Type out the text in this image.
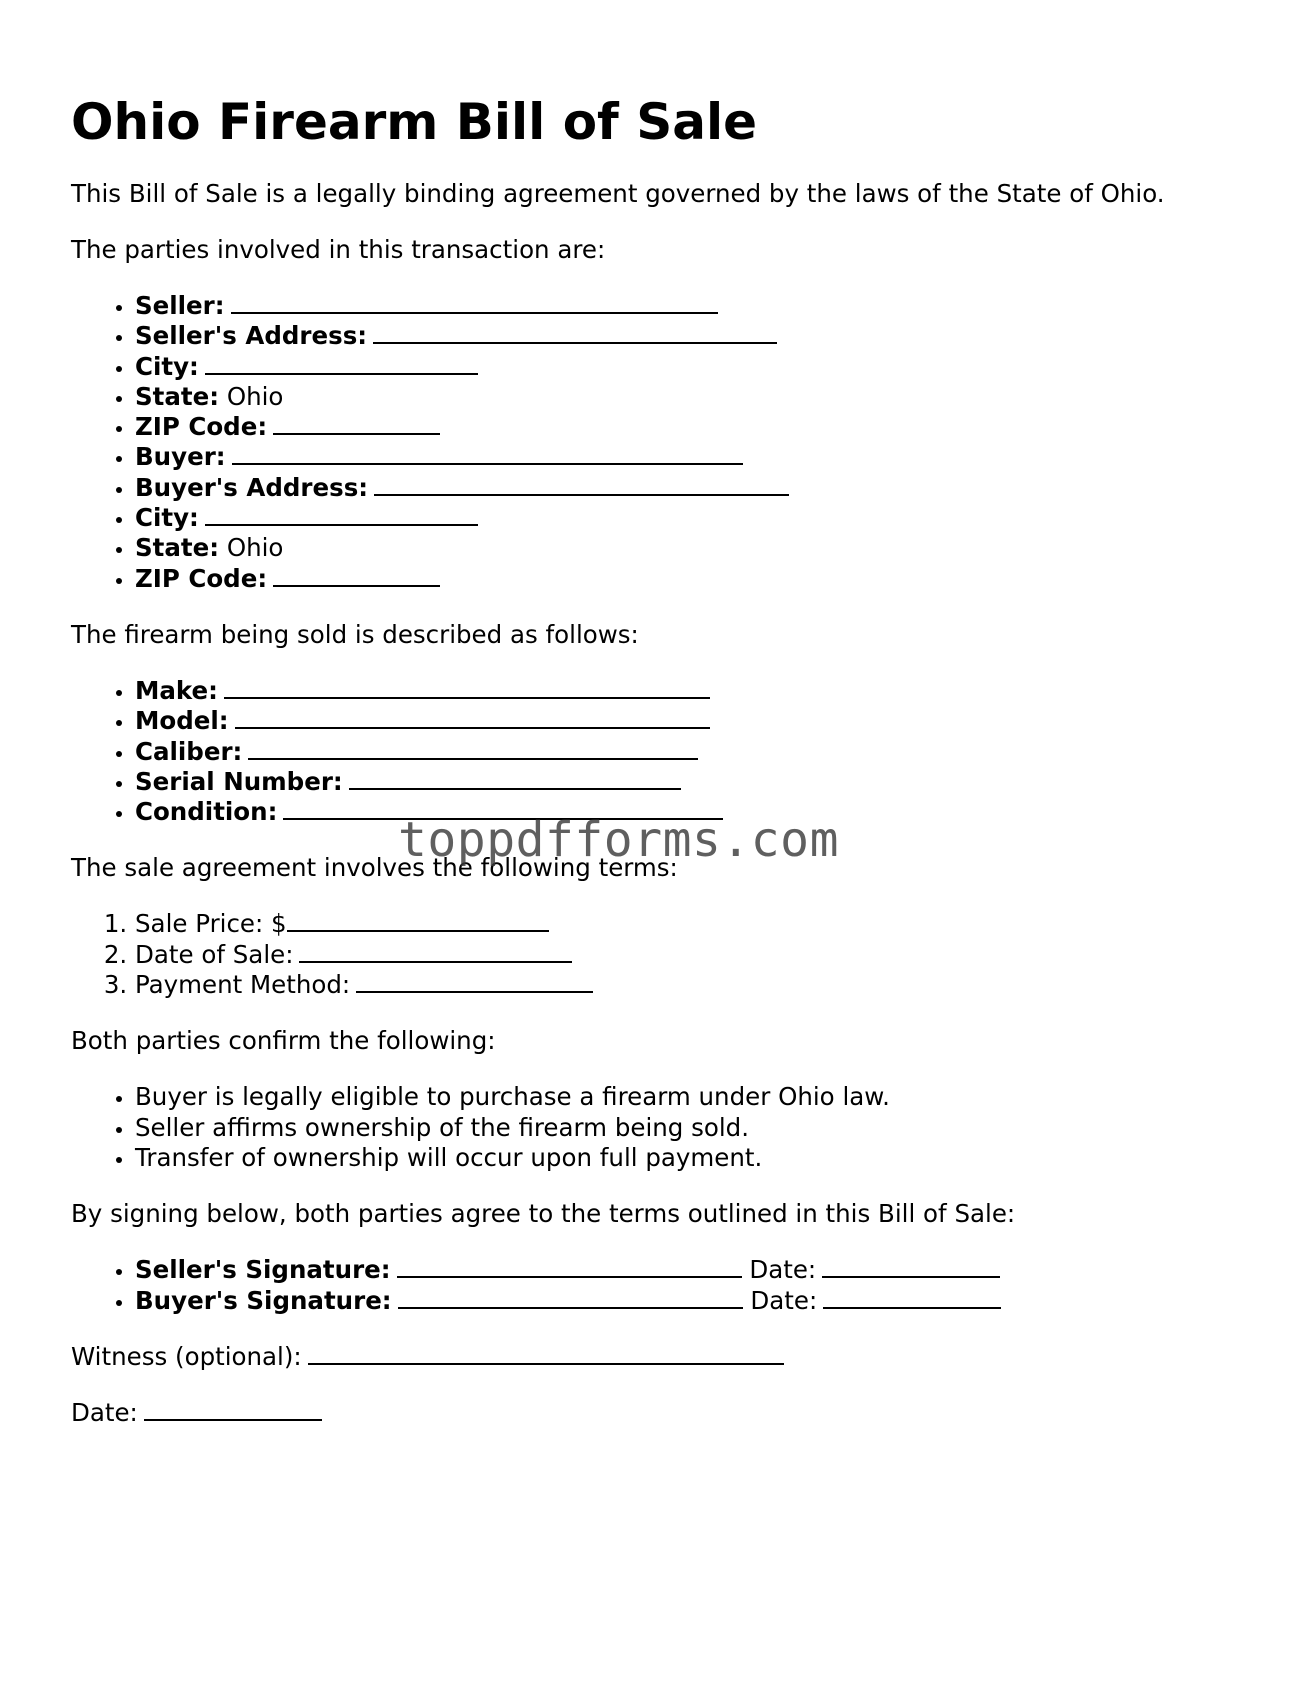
Ohio Firearm Bill of Sale

This Bill of Sale is a legally binding agreement governed by the laws of the State of Ohio.

The parties involved in this transaction are:

• Seller:
• Seller's Address:
• City:
• State: Ohio
• ZIP Code:
• Buyer:
• Buyer's Address:
• City:
• State: Ohio
• ZIP Code:

The firearm being sold is described as follows:

• Make:
• Model:
• Caliber:
• Serial Number:
• Condition:

The sale agreement involves the following terms:

1. Sale Price: $
2. Date of Sale:
3. Payment Method:

Both parties confirm the following:

• Buyer is legally eligible to purchase a firearm under Ohio law.
• Seller affirms ownership of the firearm being sold.
• Transfer of ownership will occur upon full payment.

By signing below, both parties agree to the terms outlined in this Bill of Sale:

• Seller's Signature:	Date:
• Buyer's Signature:	Date:

Witness (optional):

Date:

toppdfforms.com
